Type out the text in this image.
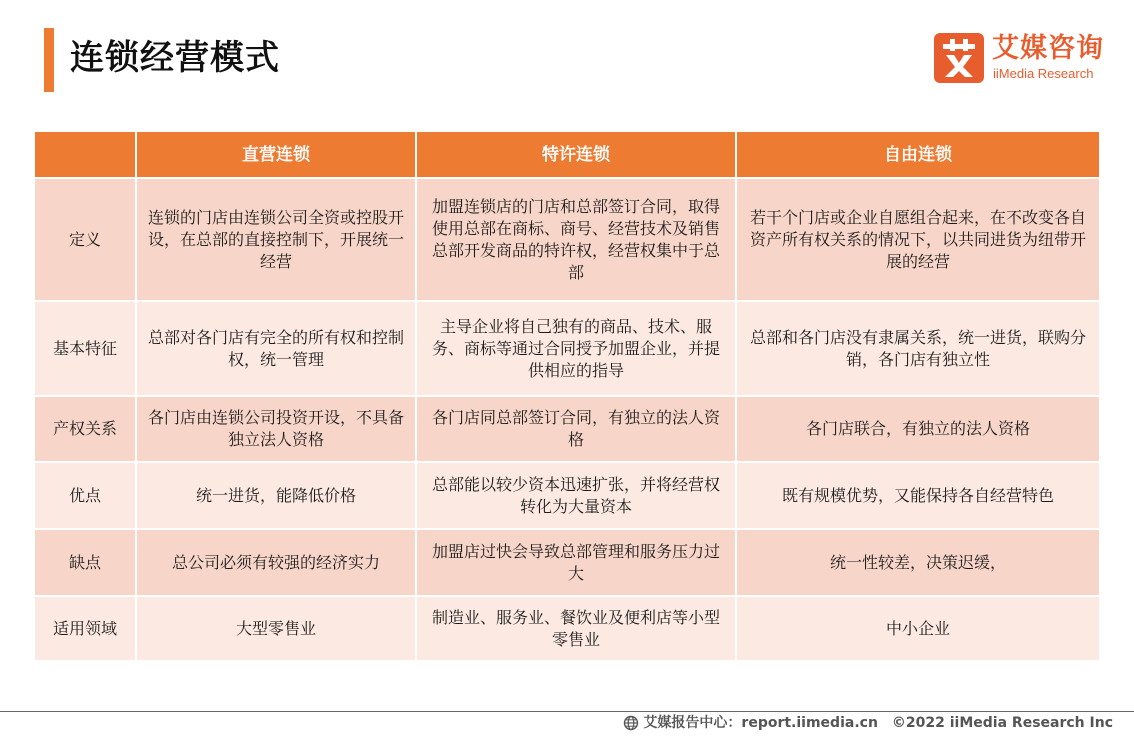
连锁经营模式	艾媒咨询
iiMedia Research
	直营连锁	特许连锁	自由连锁
定义	连锁的门店由连锁公司全资或控股开设，在总部的直接控制下，开展统一经营	加盟连锁店的门店和总部签订合同，取得使用总部在商标、商号、经营技术及销售总部开发商品的特许权，经营权集中于总部	若干个门店或企业自愿组合起来，在不改变各自资产所有权关系的情况下，以共同进货为纽带开展的经营
基本特征	总部对各门店有完全的所有权和控制权，统一管理	主导企业将自己独有的商品、技术、服务、商标等通过合同授予加盟企业，并提供相应的指导	总部和各门店没有隶属关系，统一进货，联购分销，各门店有独立性
产权关系	各门店由连锁公司投资开设，不具备独立法人资格	各门店同总部签订合同，有独立的法人资格	各门店联合，有独立的法人资格
优点	统一进货，能降低价格	总部能以较少资本迅速扩张，并将经营权转化为大量资本	既有规模优势，又能保持各自经营特色
缺点	总公司必须有较强的经济实力	加盟店过快会导致总部管理和服务压力过大	统一性较差，决策迟缓，
适用领域	大型零售业	制造业、服务业、餐饮业及便利店等小型零售业	中小企业
艾媒报告中心：report.iimedia.cn ©2022 iiMedia Research Inc
